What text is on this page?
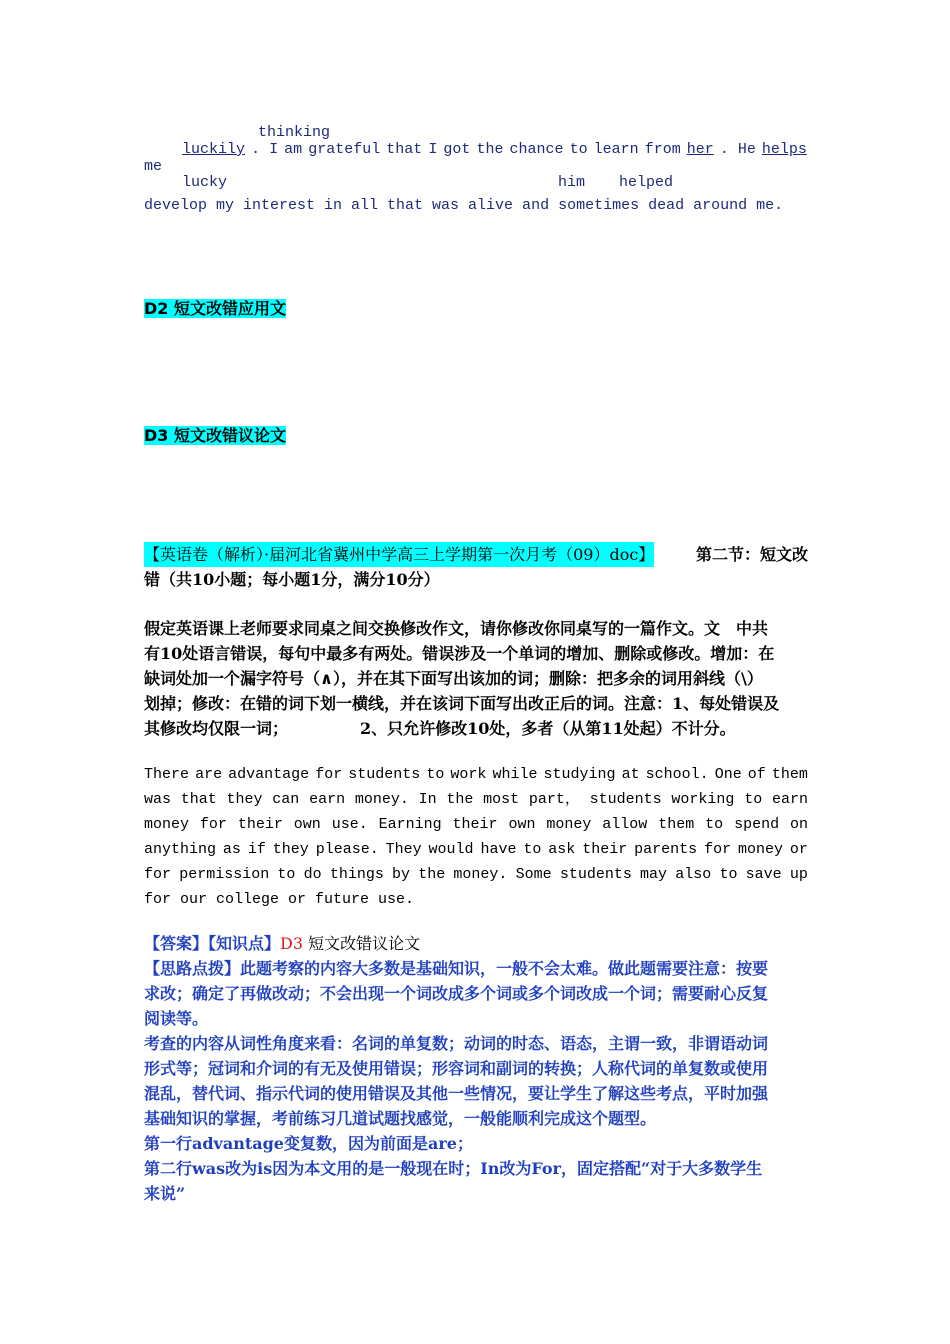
thinking
luckily . I am grateful that I got the chance to learn from her . He helps
me
lucky	him helped
develop my interest in all that was alive and sometimes dead around me.
D2 短文改错应用文
D3 短文改错议论文
【英语卷（解析）·届河北省冀州中学高三上学期第一次月考（09）doc】	第二节：短文改
错（共10小题；每小题1分，满分10分）
假定英语课上老师要求同桌之间交换修改作文，请你修改你同桌写的一篇作文。文　中共
有10处语言错误，每句中最多有两处。错误涉及一个单词的增加、删除或修改。增加：在
缺词处加一个漏字符号（∧），并在其下面写出该加的词；删除：把多余的词用斜线（\）
划掉；修改：在错的词下划一横线，并在该词下面写出改正后的词。注意：1、每处错误及
其修改均仅限一词；　　　　　2、只允许修改10处，多者（从第11处起）不计分。
There are advantage for students to work while studying at school. One of them
was that they can earn money. In the most part， students working to earn
money for their own use. Earning their own money allow them to spend on
anything as if they please. They would have to ask their parents for money or
for permission to do things by the money. Some students may also to save up
for our college or future use.

【答案】【知识点】D3 短文改错议论文

【思路点拨】此题考察的内容大多数是基础知识，一般不会太难。做此题需要注意：按要

求改；确定了再做改动；不会出现一个词改成多个词或多个词改成一个词；需要耐心反复

阅读等。

考查的内容从词性角度来看：名词的单复数；动词的时态、语态，主谓一致，非谓语动词

形式等；冠词和介词的有无及使用错误；形容词和副词的转换；人称代词的单复数或使用

混乱，替代词、指示代词的使用错误及其他一些情况，要让学生了解这些考点，平时加强

基础知识的掌握，考前练习几道试题找感觉，一般能顺利完成这个题型。

第一行advantage变复数，因为前面是are；

第二行was改为is因为本文用的是一般现在时；In改为For，固定搭配“对于大多数学生

来说”
